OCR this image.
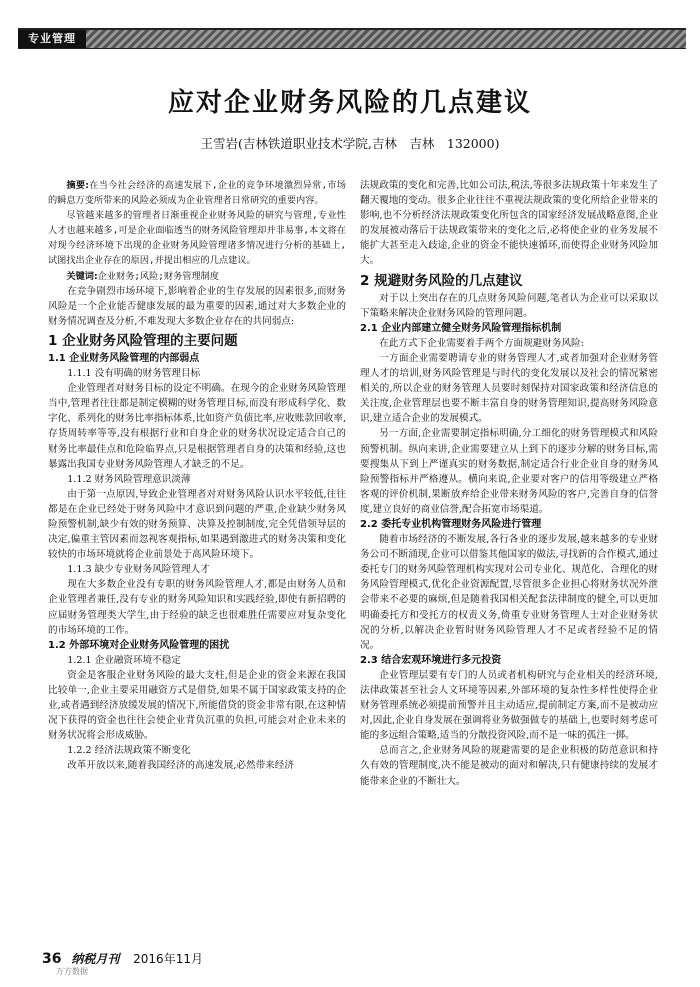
专业管理
应对企业财务风险的几点建议
王雪岩(吉林铁道职业技术学院,吉林　吉林　132000)

摘要:在当今社会经济的高速发展下,企业的竞争环境激烈异常,市场的瞬息万变所带来的风险必须成为企业管理者日常研究的重要内容。

尽管越来越多的管理者日渐重视企业财务风险的研究与管理,专业性人才也越来越多,可是企业面临透当的财务风险管理却并非易事,本文将在对现今经济环境下出现的企业财务风险管理诸多情况进行分析的基础上,试图找出企业存在的原因,并提出相应的几点建议。

关键词:企业财务;风险;财务管理制度

在竞争剧烈市场环境下,影响着企业的生存发展的因素很多,而财务风险是一个企业能否健康发展的最为重要的因素,通过对大多数企业的财务情况调查及分析,不难发现大多数企业存在的共同弱点:

1 企业财务风险管理的主要问题
1.1 企业财务风险管理的内部弱点

1.1.1 没有明确的财务管理目标

企业管理者对财务目标的设定不明确。在现今的企业财务风险管理当中,管理者往往都是制定模糊的财务管理目标,而没有形成科学化、数字化、系列化的财务比率指标体系,比如资产负债比率,应收账款回收率,存货周转率等等,没有根据行业和自身企业的财务状况设定适合自己的财务比率最佳点和危险临界点,只是根据管理者自身的决策和经验,这也暴露出我国专业财务风险管理人才缺乏的不足。

1.1.2 财务风险管理意识淡薄

由于第一点原因,导致企业管理者对对财务风险认识水平较低,往往都是在企业已经处于财务风险中才意识到问题的严重,企业缺少财务风险预警机制,缺少有效的财务预算、决算及控制制度,完全凭借领导层的决定,偏重主管因素而忽视客观指标,如果遇到激进式的财务决策和变化较快的市场环境就将企业前景处于高风险环境下。

1.1.3 缺少专业财务风险管理人才

现在大多数企业没有专职的财务风险管理人才,都是由财务人员和企业管理者兼任,没有专业的财务风险知识和实践经验,即使有新招聘的应届财务管理类大学生,由于经验的缺乏也很难胜任需要应对复杂变化的市场环境的工作。

1.2 外部环境对企业财务风险管理的困扰

1.2.1 企业融资环境不稳定

资金是客服企业财务风险的最大支柱,但是企业的资金来源在我国比较单一,企业主要采用融资方式是借贷,如果不属于国家政策支持的企业,或者遇到经济放缓发展的情况下,所能借贷的资金非常有限,在这种情况下获得的资金也往往会使企业背负沉重的负担,可能会对企业未来的财务状况将会形成威胁。

1.2.2 经济法规政策不断变化

改革开放以来,随着我国经济的高速发展,必然带来经济

法规政策的变化和完善,比如公司法,税法,等很多法规政策十年来发生了翻天覆地的变动。很多企业往往不重视法规政策的变化所给企业带来的影响,也不分析经济法规政策变化所包含的国家经济发展战略意图,企业的发展被动落后于法规政策带来的变化之后,必将使企业的业务发展不能扩大甚至走入歧途,企业的资金不能快速循环,而使得企业财务风险加大。

2 规避财务风险的几点建议

对于以上突出存在的几点财务风险问题,笔者认为企业可以采取以下策略来解决企业财务风险的管理问题。

2.1 企业内部建立健全财务风险管理指标机制

在此方式下企业需要着手两个方面规避财务风险:

一方面企业需要聘请专业的财务管理人才,或者加强对企业财务管理人才的培训,财务风险管理是与时代的变化发展以及社会的情况紧密相关的,所以企业的财务管理人员要时刻保持对国家政策和经济信息的关注度,企业管理层也要不断丰富自身的财务管理知识,提高财务风险意识,建立适合企业的发展模式。

另一方面,企业需要制定指标明确,分工细化的财务管理模式和风险预警机制。纵向来讲,企业需要建立从上到下的逐步分解的财务目标,需要搜集从下到上严谨真实的财务数据,制定适合行业企业自身的财务风险预警指标并严格遵从。横向来说,企业要对客户的信用等级建立严格客观的评价机制,果断放弃给企业带来财务风险的客户,完善自身的信誉度,建立良好的商业信誉,配合拓宽市场渠道。

2.2 委托专业机构管理财务风险进行管理

随着市场经济的不断发展,各行各业的逐步发展,越来越多的专业财务公司不断涌现,企业可以借鉴其他国家的做法,寻找新的合作模式,通过委托专门的财务风险管理机构实现对公司专业化、规范化、合理化的财务风险管理模式,优化企业资源配置,尽管很多企业担心将财务状况外泄会带来不必要的麻烦,但是随着我国相关配套法律制度的健全,可以更加明确委托方和受托方的权责义务,倚重专业财务管理人士对企业财务状况的分析,以解决企业暂时财务风险管理人才不足或者经验不足的情况。

2.3 结合宏观环境进行多元投资

企业管理层要有专门的人员或者机构研究与企业相关的经济环境,法律政策甚至社会人文环境等因素,外部环境的复杂性多样性使得企业财务管理系统必须提前预警并且主动适应,提前制定方案,而不是被动应对,因此,企业自身发展在强调将业务做强做专的基础上,也要时刻考虑可能的多远组合策略,适当的分散投资风险,而不是一味的孤注一掷。

总而言之,企业财务风险的规避需要的是企业积极的防范意识和持久有效的管理制度,决不能是被动的面对和解决,只有健康持续的发展才能带来企业的不断壮大。

36 纳税月刊 2016年11月
万方数据
